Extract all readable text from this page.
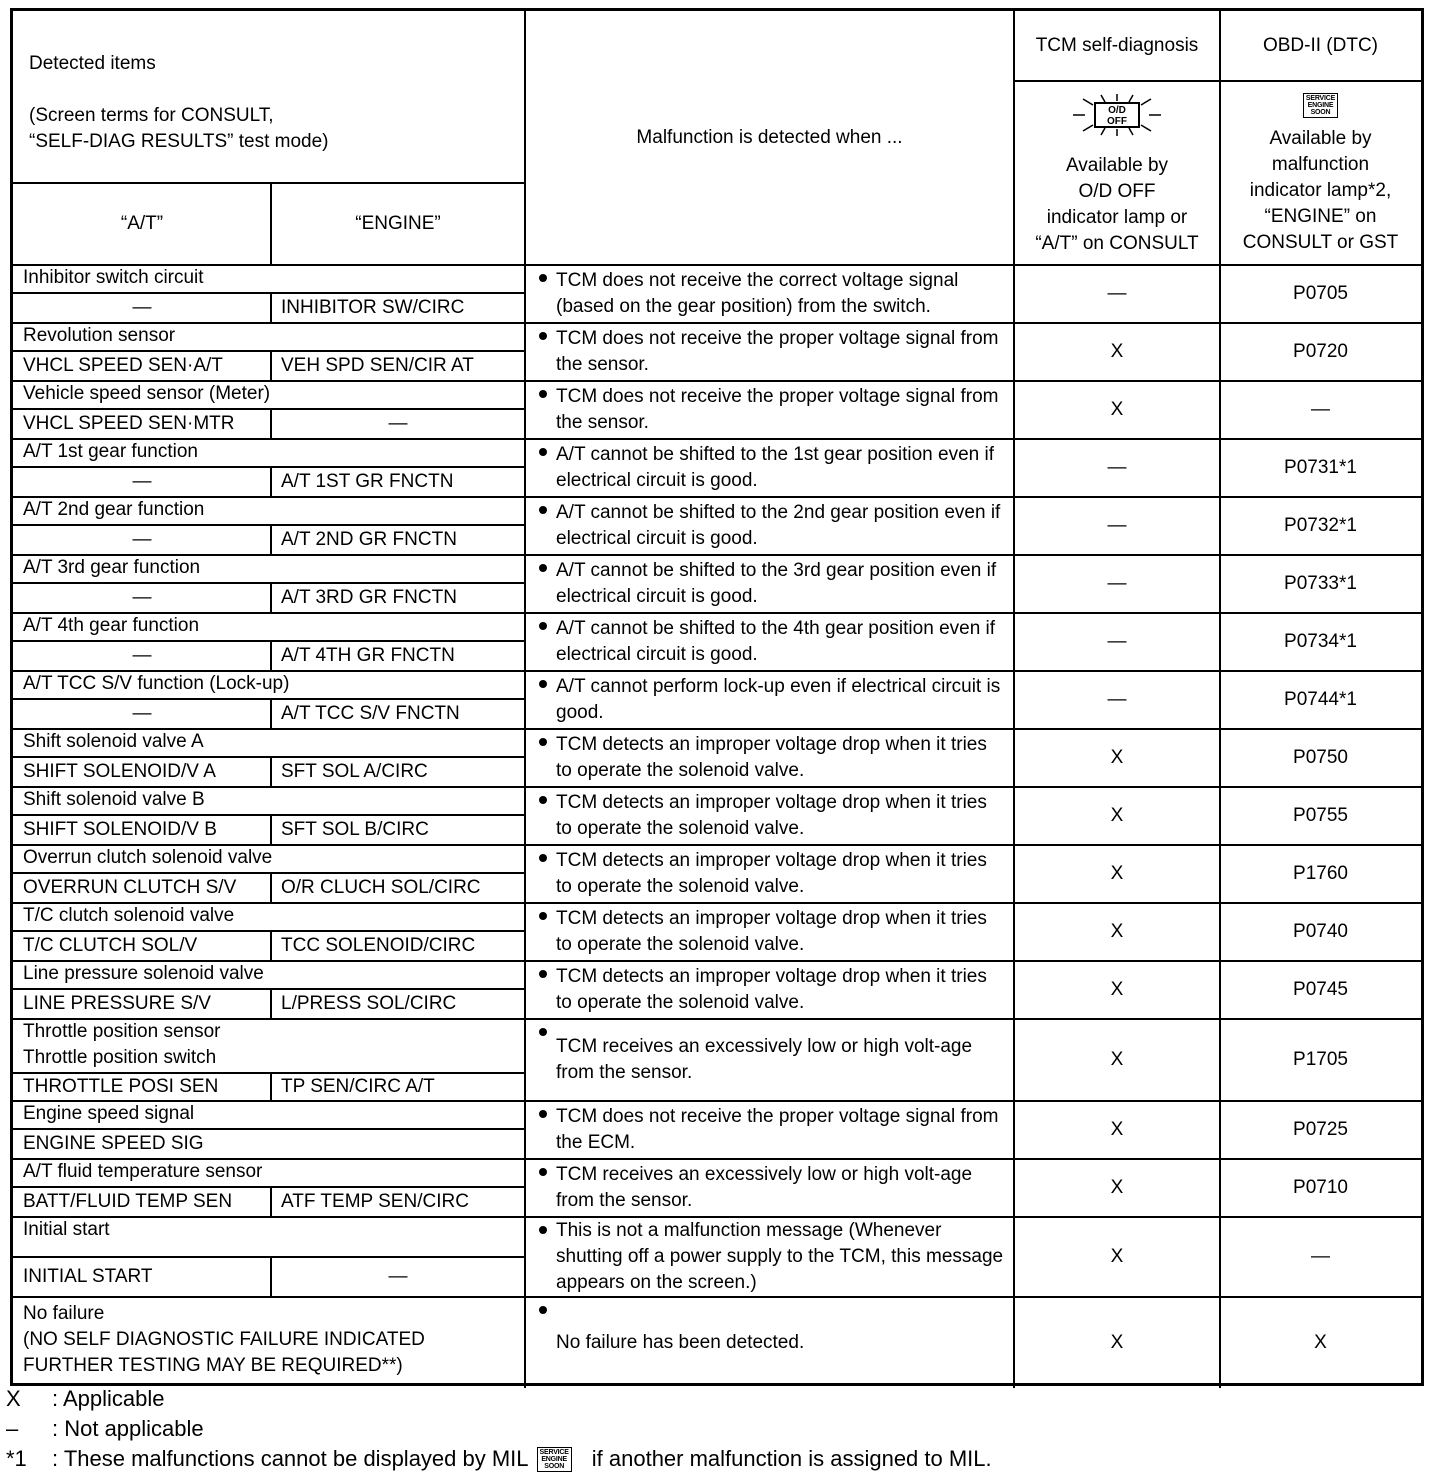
Detected items
(Screen terms for CONSULT,
“SELF-DIAG RESULTS” test mode)
“A/T”	“ENGINE”
Malfunction is detected when ...
TCM self-diagnosis	OBD-II (DTC)
O/D
OFF
Available by
O/D OFF
indicator lamp or
“A/T” on CONSULT
SERVICE
ENGINE
SOON
Available by
malfunction
indicator lamp*2,
“ENGINE” on
CONSULT or GST
Inhibitor switch circuit
—	INHIBITOR SW/CIRC
TCM does not receive the correct voltage signal (based on the gear position) from the switch.
—	P0705
Revolution sensor
VHCL SPEED SEN·A/T	VEH SPD SEN/CIR AT
TCM does not receive the proper voltage signal from the sensor.
X	P0720
Vehicle speed sensor (Meter)
VHCL SPEED SEN·MTR	—
TCM does not receive the proper voltage signal from the sensor.
X	—
A/T 1st gear function
—	A/T 1ST GR FNCTN
A/T cannot be shifted to the 1st gear position even if electrical circuit is good.
—	P0731*1
A/T 2nd gear function
—	A/T 2ND GR FNCTN
A/T cannot be shifted to the 2nd gear position even if electrical circuit is good.
—	P0732*1
A/T 3rd gear function
—	A/T 3RD GR FNCTN
A/T cannot be shifted to the 3rd gear position even if electrical circuit is good.
—	P0733*1
A/T 4th gear function
—	A/T 4TH GR FNCTN
A/T cannot be shifted to the 4th gear position even if electrical circuit is good.
—	P0734*1
A/T TCC S/V function (Lock-up)
—	A/T TCC S/V FNCTN
A/T cannot perform lock-up even if electrical circuit is good.
—	P0744*1
Shift solenoid valve A
SHIFT SOLENOID/V A	SFT SOL A/CIRC
TCM detects an improper voltage drop when it tries to operate the solenoid valve.
X	P0750
Shift solenoid valve B
SHIFT SOLENOID/V B	SFT SOL B/CIRC
TCM detects an improper voltage drop when it tries to operate the solenoid valve.
X	P0755
Overrun clutch solenoid valve
OVERRUN CLUTCH S/V	O/R CLUCH SOL/CIRC
TCM detects an improper voltage drop when it tries to operate the solenoid valve.
X	P1760
T/C clutch solenoid valve
T/C CLUTCH SOL/V	TCC SOLENOID/CIRC
TCM detects an improper voltage drop when it tries to operate the solenoid valve.
X	P0740
Line pressure solenoid valve
LINE PRESSURE S/V	L/PRESS SOL/CIRC
TCM detects an improper voltage drop when it tries to operate the solenoid valve.
X	P0745
Throttle position sensor
Throttle position switch
THROTTLE POSI SEN	TP SEN/CIRC A/T
TCM receives an excessively low or high volt-age from the sensor.
X	P1705
Engine speed signal
ENGINE SPEED SIG
TCM does not receive the proper voltage signal from the ECM.
X	P0725
A/T fluid temperature sensor
BATT/FLUID TEMP SEN	ATF TEMP SEN/CIRC
TCM receives an excessively low or high volt-age from the sensor.
X	P0710
Initial start
INITIAL START	—
This is not a malfunction message (Whenever shutting off a power supply to the TCM, this message appears on the screen.)
X	—
No failure
(NO SELF DIAGNOSTIC FAILURE INDICATED
FURTHER TESTING MAY BE REQUIRED**)
No failure has been detected.	X	X
X	: Applicable
–	: Not applicable
*1	: These malfunctions cannot be displayed by MIL SERVICE
ENGINE
SOON if another malfunction is assigned to MIL.
